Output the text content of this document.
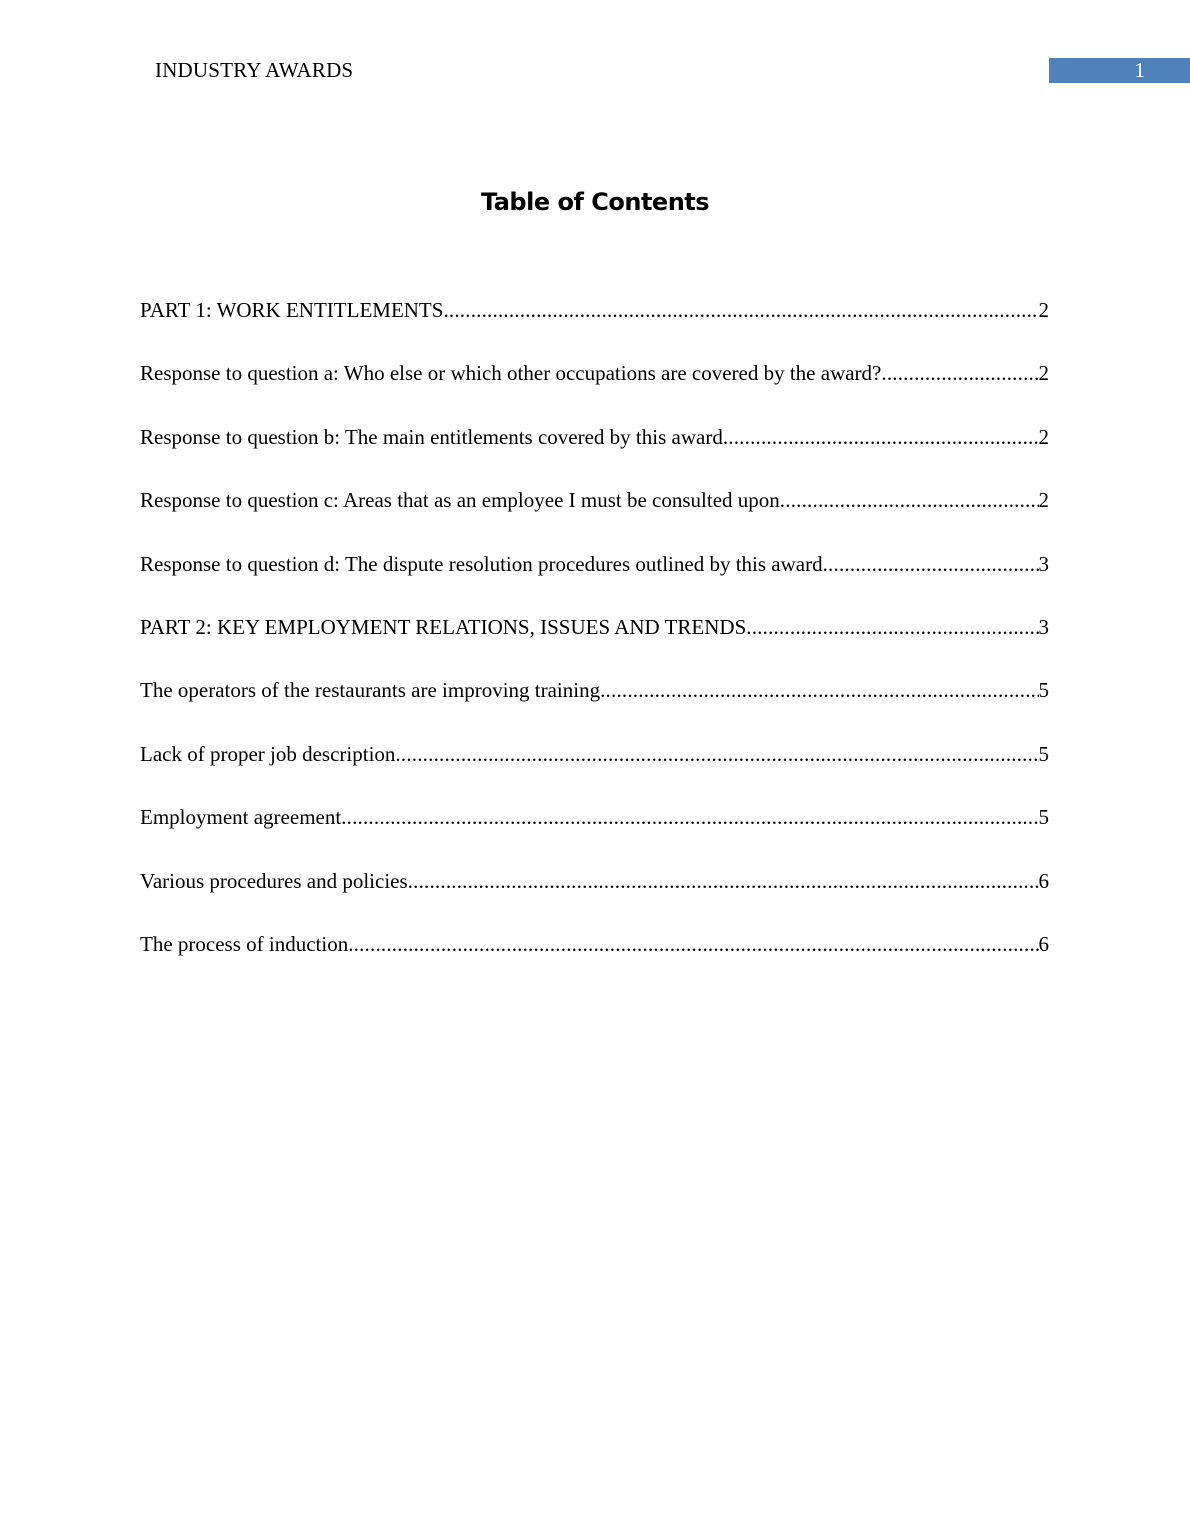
INDUSTRY AWARDS	1
Table of Contents
PART 1: WORK ENTITLEMENTS .....	2
Response to question a: Who else or which other occupations are covered by the award? .....	2
Response to question b: The main entitlements covered by this award .....	2
Response to question c: Areas that as an employee I must be consulted upon .....	2
Response to question d: The dispute resolution procedures outlined by this award .....	3
PART 2: KEY EMPLOYMENT RELATIONS, ISSUES AND TRENDS .....	3
The operators of the restaurants are improving training .....	5
Lack of proper job description .....	5
Employment agreement .....	5
Various procedures and policies .....	6
The process of induction .....	6
